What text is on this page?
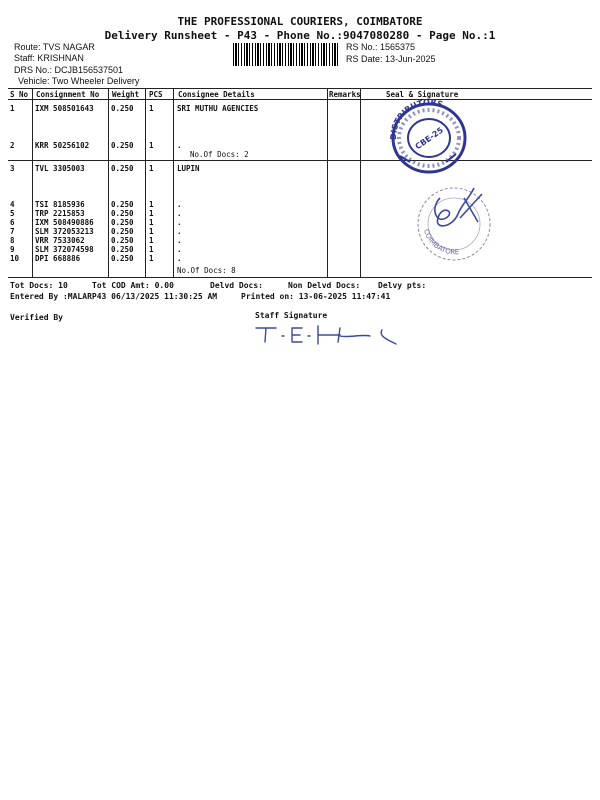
THE PROFESSIONAL COURIERS, COIMBATORE
Delivery Runsheet - P43 - Phone No.:9047080280 - Page No.:1
Route: TVS NAGAR
Staff: KRISHNAN
DRS No.: DCJB156537501
Vehicle: Two Wheeler Delivery
RS No.: 1565375
RS Date: 13-Jun-2025
S No Consignment No Weight PCS Consignee Details	Remarks	Seal & Signature
1	IXM 508501643 0.250 1	SRI MUTHU AGENCIES
2	KRR 50256102	0.250 1	.
No.Of Docs: 2
3	TVL 3305003	0.250 1	LUPIN
4	TSI 8185936	0.250 1	.
5	TRP 2215853	0.250 1	.
6	IXM 508490886 0.250 1	.
7	SLM 372053213 0.250 1	.
8	VRR 7533062	0.250 1	.
9	SLM 372074598 0.250 1	.
10 DPI 668886	0.250 1	.
No.Of Docs: 8
DISTRIBUTORS
CBE-25
COIMBATORE
Tot Docs: 10	Tot COD Amt: 0.00	Delvd Docs:	Non Delvd Docs: Delvy pts:
Entered By :MALARP43 06/13/2025 11:30:25 AM	Printed on: 13-06-2025 11:47:41
Verified By	Staff Signature
